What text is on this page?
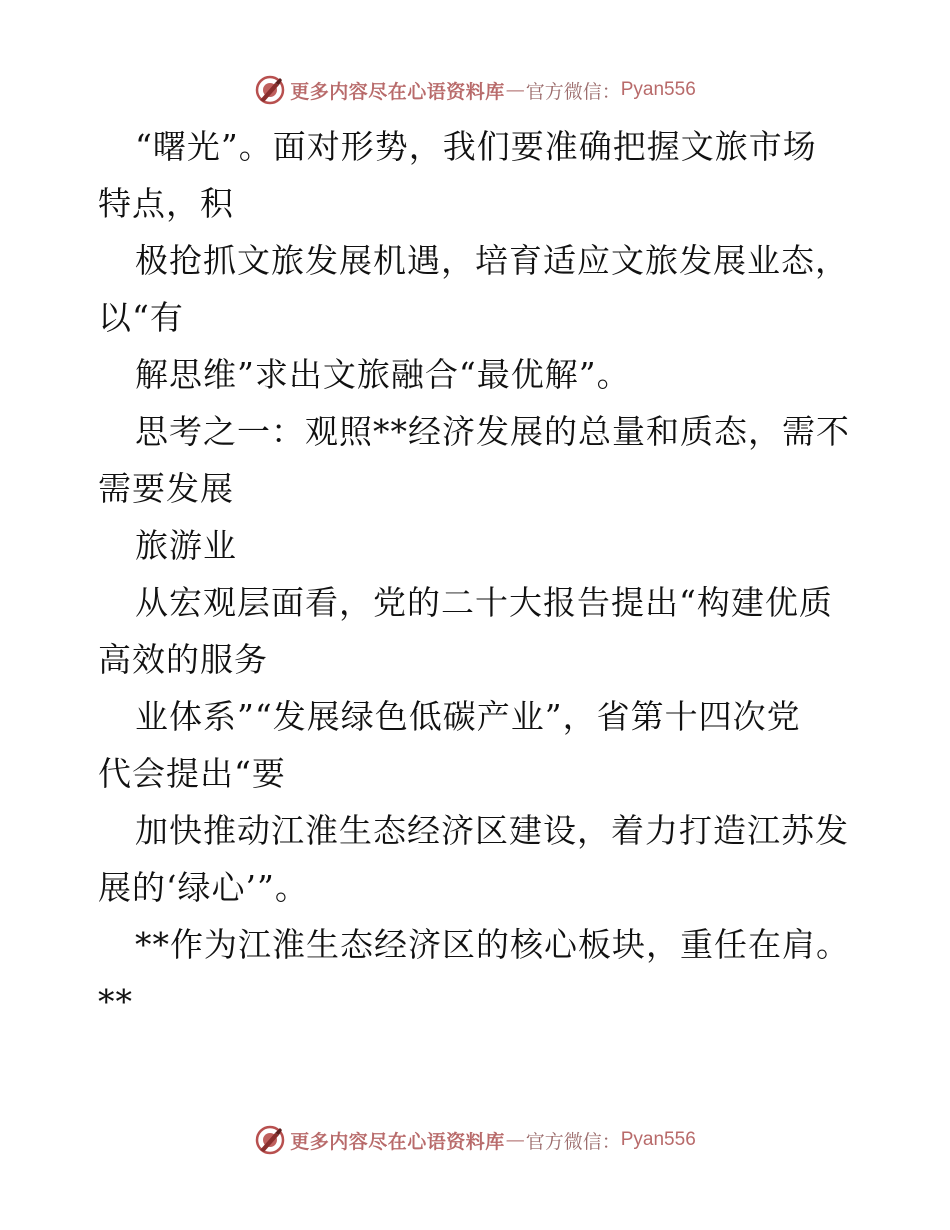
更多内容尽在心语资料库 — 官方微信： Pyan556
“曙光”。面对形势，我们要准确把握文旅市场
特点，积
极抢抓文旅发展机遇，培育适应文旅发展业态，
以“有
解思维”求出文旅融合“最优解”。
思考之一：观照**经济发展的总量和质态，需不
需要发展
旅游业
从宏观层面看，党的二十大报告提出“构建优质
高效的服务
业体系”“发展绿色低碳产业”，省第十四次党
代会提出“要
加快推动江淮生态经济区建设，着力打造江苏发
展的‘绿心’”。
**作为江淮生态经济区的核心板块，重任在肩。
**
更多内容尽在心语资料库 — 官方微信： Pyan556
